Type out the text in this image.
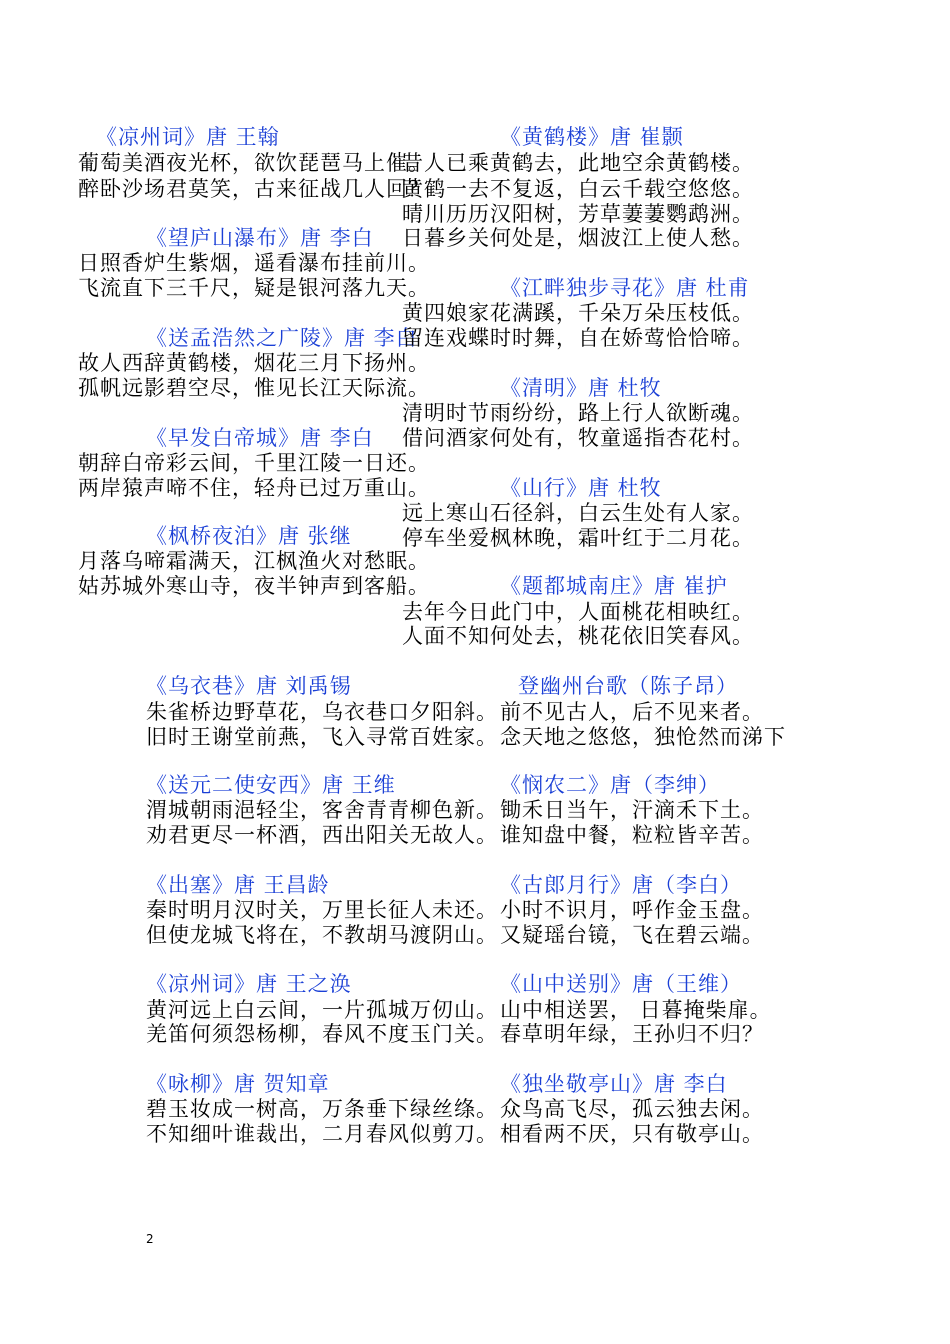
《凉州词》唐 王翰
葡萄美酒夜光杯，欲饮琵琶马上催。
醉卧沙场君莫笑，古来征战几人回？
《望庐山瀑布》唐 李白
日照香炉生紫烟，遥看瀑布挂前川。
飞流直下三千尺，疑是银河落九天。
《送孟浩然之广陵》唐 李白
故人西辞黄鹤楼，烟花三月下扬州。
孤帆远影碧空尽，惟见长江天际流。
《早发白帝城》唐 李白
朝辞白帝彩云间，千里江陵一日还。
两岸猿声啼不住，轻舟已过万重山。
《枫桥夜泊》唐 张继
月落乌啼霜满天，江枫渔火对愁眠。
姑苏城外寒山寺，夜半钟声到客船。
《黄鹤楼》唐 崔颢
昔人已乘黄鹤去，此地空余黄鹤楼。
黄鹤一去不复返，白云千载空悠悠。
晴川历历汉阳树，芳草萋萋鹦鹉洲。
日暮乡关何处是，烟波江上使人愁。
《江畔独步寻花》唐 杜甫
黄四娘家花满蹊，千朵万朵压枝低。
留连戏蝶时时舞，自在娇莺恰恰啼。
《清明》唐 杜牧
清明时节雨纷纷，路上行人欲断魂。
借问酒家何处有，牧童遥指杏花村。
《山行》唐 杜牧
远上寒山石径斜，白云生处有人家。
停车坐爱枫林晚，霜叶红于二月花。
《题都城南庄》唐 崔护
去年今日此门中，人面桃花相映红。
人面不知何处去，桃花依旧笑春风。
《乌衣巷》唐 刘禹锡
朱雀桥边野草花，乌衣巷口夕阳斜。
旧时王谢堂前燕，飞入寻常百姓家。
《送元二使安西》唐 王维
渭城朝雨浥轻尘，客舍青青柳色新。
劝君更尽一杯酒，西出阳关无故人。
《出塞》唐 王昌龄
秦时明月汉时关，万里长征人未还。
但使龙城飞将在，不教胡马渡阴山。
《凉州词》唐 王之涣
黄河远上白云间，一片孤城万仞山。
羌笛何须怨杨柳，春风不度玉门关。
《咏柳》唐 贺知章
碧玉妆成一树高，万条垂下绿丝绦。
不知细叶谁裁出，二月春风似剪刀。
登幽州台歌（陈子昂）
前不见古人，后不见来者。
念天地之悠悠，独怆然而涕下
《悯农二》唐（李绅）
锄禾日当午，汗滴禾下土。
谁知盘中餐，粒粒皆辛苦。
《古郎月行》唐（李白）
小时不识月，呼作金玉盘。
又疑瑶台镜，飞在碧云端。
《山中送别》唐（王维）
山中相送罢， 日暮掩柴扉。
春草明年绿，王孙归不归？
《独坐敬亭山》唐 李白
众鸟高飞尽，孤云独去闲。
相看两不厌，只有敬亭山。
2
